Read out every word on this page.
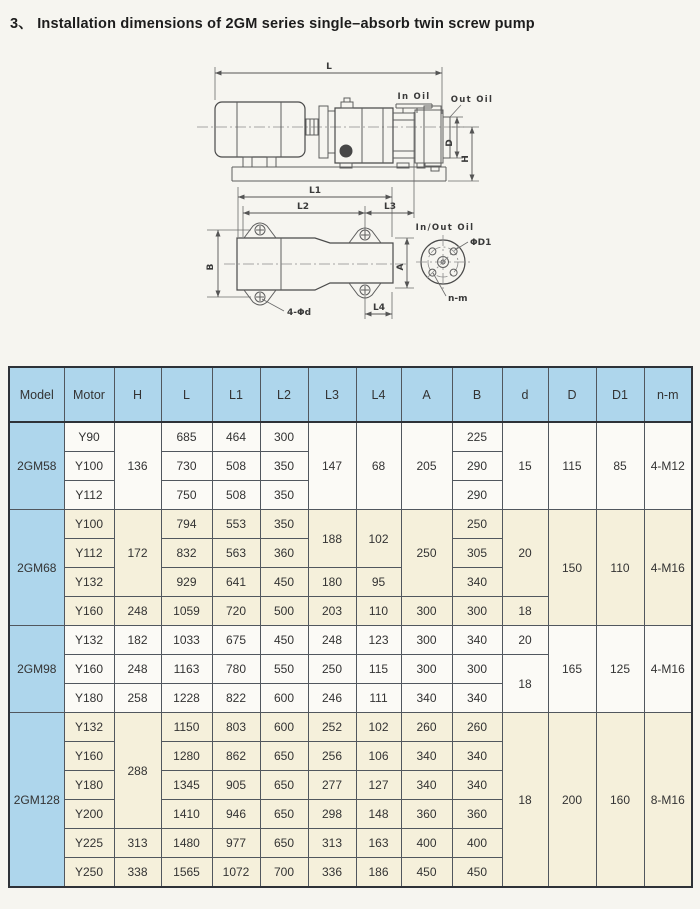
3、 Installation dimensions of 2GM series single–absorb twin screw pump
L
In Oil Out Oil
D
H
L1
L2	L3
B	A
L4
4-Φd
In/Out Oil
ΦD1
n-m
Model	Motor	H	L	L1	L2	L3	L4	A	B	d	D	D1	n-m
2GM58	Y90	136	685	464	300	147	68	205	225	15	115	85	4-M12
	Y100		730	508	350				290				
	Y112		750	508	350				290				
2GM68	Y100	172	794	553	350	188	102	250	250	20	150	110	4-M16
	Y112		832	563	360				305				
	Y132		929	641	450	180	95		340				
	Y160	248	1059	720	500	203	110	300	300	18			
2GM98	Y132	182	1033	675	450	248	123	300	340	20	165	125	4-M16
	Y160	248	1163	780	550	250	115	300	300	18			
	Y180	258	1228	822	600	246	111	340	340				
2GM128	Y132	288	1150	803	600	252	102	260	260	18	200	160	8-M16
	Y160		1280	862	650	256	106	340	340				
	Y180		1345	905	650	277	127	340	340				
	Y200		1410	946	650	298	148	360	360				
	Y225	313	1480	977	650	313	163	400	400				
	Y250	338	1565	1072	700	336	186	450	450				
